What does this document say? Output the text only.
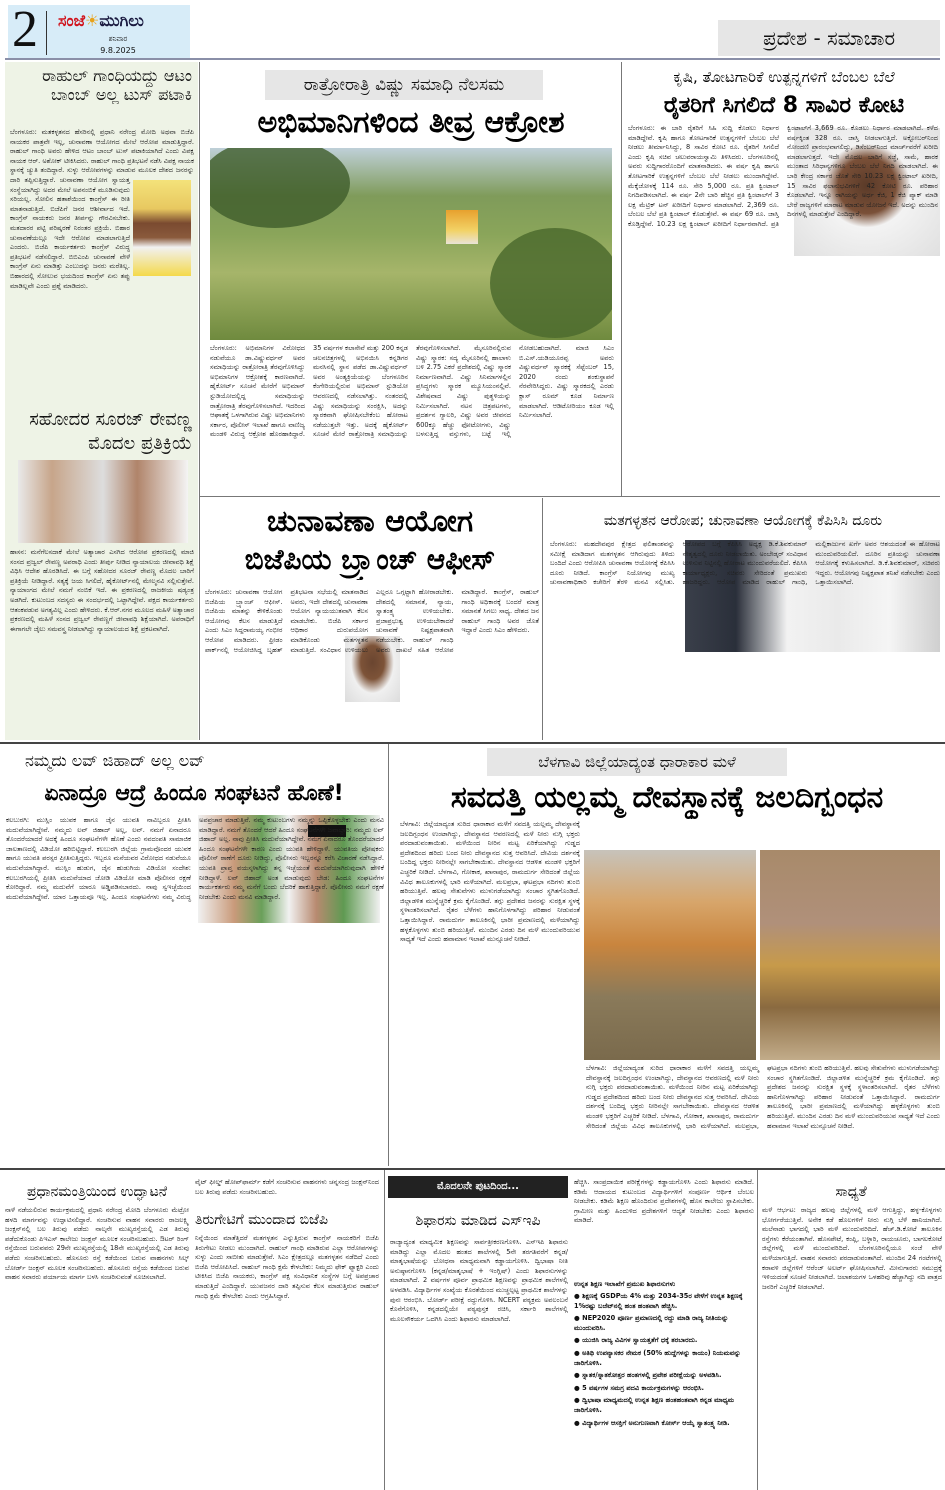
2 ಸಂಜೆ☀ಮುಗಿಲು
ಶನಿವಾರ
9.8.2025
ಪ್ರದೇಶ - ಸಮಾಚಾರ
ರಾಹುಲ್ ಗಾಂಧಿಯದ್ದು ಆಟಂ ಬಾಂಬ್ ಅಲ್ಲ ಟುಸ್ ಪಟಾಕಿ
ಬೆಂಗಳೂರು: ಮತಕಳ್ಳತನದ ಹೆಸರಿನಲ್ಲಿ ಪ್ರಧಾನಿ ನರೇಂದ್ರ ಮೋದಿ ಅಥವಾ ಬಿಜೆಪಿ ನಾಯಕರ ಪಾತ್ರವೇ ಇಲ್ಲ, ಚುನಾವಣಾ ಆಯೋಗದ ಮೇಲೆ ಆರೋಪ ಮಾಡುತ್ತಿದ್ದಾರೆ. ರಾಹುಲ್ ಗಾಂಧಿ ಅವರು ಹೇಳಿದ ಆಟಂ ಬಾಂಬ್ ಟುಸ್ ಪಟಾಕಿಯಾಗಿದೆ ಎಂದು ವಿಪಕ್ಷ ನಾಯಕ ಆರ್. ಅಶೋಕ್ ಟೀಕಿಸಿದರು. ರಾಹುಲ್ ಗಾಂಧಿ ಪ್ರತಿಭಟನೆ ನಡೆಸಿ ವಿಪಕ್ಷ ನಾಯಕ ಸ್ಥಾನಕ್ಕೆ ಚ್ಯುತಿ ತಂದಿದ್ದಾರೆ. ಸುಳ್ಳು ಆರೋಪಗಳನ್ನು ಮಾಡುವ ಮೂಲಕ ದೇಶದ ಜನರನ್ನು ದಾರಿ ತಪ್ಪಿಸುತ್ತಿದ್ದಾರೆ. ಚುನಾವಣಾ ಆಯೋಗ ಸ್ವಾಯತ್ತ ಸಂಸ್ಥೆಯಾಗಿದ್ದು ಅದರ ಮೇಲೆ ಅಪನಂಬಿಕೆ ಮೂಡಿಸುವುದು ಸರಿಯಲ್ಲ. ಸೋಲಿನ ಹತಾಶೆಯಿಂದ ಕಾಂಗ್ರೆಸ್ ಈ ರೀತಿ ಮಾತನಾಡುತ್ತಿದೆ. ಬಿಜೆಪಿಗೆ ಜನರ ಆಶೀರ್ವಾದ ಇದೆ. ಕಾಂಗ್ರೆಸ್ ನಾಯಕರು ಜನರ ತೀರ್ಪನ್ನು ಗೌರವಿಸಬೇಕು. ಮತದಾರರ ಪಟ್ಟಿ ಪರಿಷ್ಕರಣೆ ನಿರಂತರ ಪ್ರಕ್ರಿಯೆ. ಬಿಹಾರ ಚುನಾವಣೆಯಲ್ಲೂ ಇದೇ ಆರೋಪ ಮಾಡಲಾಗುತ್ತಿದೆ ಎಂದರು. ಬಿಜೆಪಿ ಕಾರ್ಯಕರ್ತರು ಕಾಂಗ್ರೆಸ್ ವಿರುದ್ಧ ಪ್ರತಿಭಟನೆ ನಡೆಸಲಿದ್ದಾರೆ. ಬಿಬಿಎಂಪಿ ಚುನಾವಣೆ ವೇಳೆ ಕಾಂಗ್ರೆಸ್ ಏನು ಮಾಡಿತ್ತು ಎಂಬುದನ್ನು ಜನರು ಮರೆತಿಲ್ಲ. ಬಿಹಾರದಲ್ಲಿ ಸೋಲುವ ಭಯದಿಂದ ಕಾಂಗ್ರೆಸ್ ಏನು ತಪ್ಪು ಮಾಡಿಲ್ಲವೇ ಎಂದು ಪ್ರಶ್ನೆ ಮಾಡಿದರು.
ಸಹೋದರ ಸೂರಜ್ ರೇವಣ್ಣ ಮೊದಲ ಪ್ರತಿಕ್ರಿಯೆ
ಹಾಸನ: ಮನೆಗೆಲಸದಾಕೆ ಮೇಲೆ ಅತ್ಯಾಚಾರ ಎಸಗಿದ ಆರೋಪ ಪ್ರಕರಣದಲ್ಲಿ ಮಾಜಿ ಸಂಸದ ಪ್ರಜ್ವಲ್ ರೇವಣ್ಣ ಅಪರಾಧಿ ಎಂದು ತೀರ್ಪು ನೀಡಿದ ನ್ಯಾಯಾಲಯ ಜೀವಾವಧಿ ಶಿಕ್ಷೆ ವಿಧಿಸಿ ಆದೇಶ ಹೊರಡಿಸಿದೆ. ಈ ಬಗ್ಗೆ ಸಹೋದರ ಸೂರಜ್ ರೇವಣ್ಣ ಮೊದಲ ಬಾರಿಗೆ ಪ್ರತಿಕ್ರಿಯೆ ನೀಡಿದ್ದಾರೆ. ಸತ್ಯಕ್ಕೆ ಜಯ ಸಿಗಲಿದೆ, ಹೈಕೋರ್ಟ್‌ನಲ್ಲಿ ಮೇಲ್ಮನವಿ ಸಲ್ಲಿಸುತ್ತೇವೆ. ನ್ಯಾಯಾಂಗದ ಮೇಲೆ ನಮಗೆ ನಂಬಿಕೆ ಇದೆ. ಈ ಪ್ರಕರಣದಲ್ಲಿ ರಾಜಕೀಯ ಷಡ್ಯಂತ್ರ ಅಡಗಿದೆ. ಕುಟುಂಬದ ಸದಸ್ಯರು ಈ ಸಂದರ್ಭದಲ್ಲಿ ಒಟ್ಟಾಗಿದ್ದೇವೆ. ಪಕ್ಷದ ಕಾರ್ಯಕರ್ತರು ಆತಂಕಪಡುವ ಅಗತ್ಯವಿಲ್ಲ ಎಂದು ಹೇಳಿದರು. ಕೆ.ಆರ್.ನಗರ ಮೂಲದ ಮಹಿಳೆ ಅತ್ಯಾಚಾರ ಪ್ರಕರಣದಲ್ಲಿ ಮಹಿಳೆ ಸಂಸದ ಪ್ರಜ್ವಲ್ ರೇವಣ್ಣಗೆ ಜೀವಾವಧಿ ಶಿಕ್ಷೆಯಾಗಿದೆ. ಅಪರಾಧಿಗೆ ಈಗಾಗಲೇ ಜೈಲು ಸಮವಸ್ತ್ರ ನೀಡಲಾಗಿದ್ದು ನ್ಯಾಯಾಲಯದ ಶಿಕ್ಷೆ ಪ್ರಕಟವಾಗಿದೆ.
ರಾತ್ರೋರಾತ್ರಿ ವಿಷ್ಣು ಸಮಾಧಿ ನೆಲಸಮ
ಅಭಿಮಾನಿಗಳಿಂದ ತೀವ್ರ ಆಕ್ರೋಶ
ಬೆಂಗಳೂರು: ಅಭಿಮಾನಿಗಳ ವಿರೋಧದ ನಡುವೆಯೂ ಡಾ.ವಿಷ್ಣುವರ್ಧನ್ ಅವರ ಸಮಾಧಿಯನ್ನು ರಾತ್ರೋರಾತ್ರಿ ತೆರವುಗೊಳಿಸಿದ್ದು ಅಭಿಮಾನಿಗಳ ಆಕ್ರೋಶಕ್ಕೆ ಕಾರಣವಾಗಿದೆ. ಹೈಕೋರ್ಟ್ ಸೂಚನೆ ಮೇರೆಗೆ ಅಭಿಮಾನ್ ಸ್ಟುಡಿಯೋದಲ್ಲಿದ್ದ ಸಮಾಧಿಯನ್ನು ರಾತ್ರೋರಾತ್ರಿ ತೆರವುಗೊಳಿಸಲಾಗಿದೆ. ಇದರಿಂದ ಆಘಾತಕ್ಕೆ ಒಳಗಾಗಿರುವ ವಿಷ್ಣು ಅಭಿಮಾನಿಗಳು ಸರ್ಕಾರ, ಪೊಲೀಸ್ ಇಲಾಖೆ ಹಾಗೂ ವಾಣಿಜ್ಯ ಮಂಡಳಿ ವಿರುದ್ಧ ಆಕ್ರೋಶ ಹೊರಹಾಕಿದ್ದಾರೆ. 35 ವರ್ಷಗಳ ಕಲಾಸೇವೆ ಮತ್ತು 200 ಕನ್ನಡ ಚಲನಚಿತ್ರಗಳಲ್ಲಿ ಅಭಿನಯಿಸಿ ಕನ್ನಡಿಗರ ಮನಸಿನಲ್ಲಿ ಸ್ಥಾನ ಪಡೆದ ಡಾ.ವಿಷ್ಣುವರ್ಧನ್ ಅವರ ಅಂತ್ಯಕ್ರಿಯೆಯನ್ನು ಬೆಂಗಳೂರಿನ ಕೆಂಗೇರಿಯಲ್ಲಿರುವ ಅಭಿಮಾನ್ ಸ್ಟುಡಿಯೋ ಆವರಣದಲ್ಲಿ ನಡೆಸಲಾಗಿತ್ತು. ನಂತರದಲ್ಲಿ ವಿಷ್ಣು ಸಮಾಧಿಯನ್ನು ಸಂರಕ್ಷಿಸಿ, ಅದನ್ನು ಸ್ಮಾರಕವಾಗಿ ಘೋಷಿಸಬೇಕೆಂಬ ಹೋರಾಟ ನಡೆಯುತ್ತಲೇ ಇತ್ತು. ಅದಕ್ಕೆ ಹೈಕೋರ್ಟ್ ಸೂಚನೆ ಮೇರೆ ರಾತ್ರೋರಾತ್ರಿ ಸಮಾಧಿಯನ್ನು ತೆರವುಗೊಳಿಸಲಾಗಿದೆ. ಮೈಸೂರಿನಲ್ಲಿರುವ ವಿಷ್ಣು ಸ್ಮಾರಕ: ಸದ್ಯ ಮೈಸೂರಿನಲ್ಲಿ ಹಾಲಾಳು ಬಳಿ 2.75 ಎಕರೆ ಪ್ರದೇಶದಲ್ಲಿ ವಿಷ್ಣು ಸ್ಮಾರಕ ನಿರ್ಮಾಣವಾಗಿದೆ. ವಿಷ್ಣು ಸಿನಿಮಾಗಳಲ್ಲಿನ ಪ್ರಸಿದ್ಧಗಳು ಸ್ಮಾರಕ ಮ್ಯೂಸಿಯಂನಲ್ಲಿವೆ. ವಿಶೇಷವಾದ ವಿಷ್ಣು ಪುತ್ಥಳಿಯನ್ನು ನಿರ್ಮಿಸಲಾಗಿದೆ. ನಟನ ಚಿತ್ರಪಟಗಳು, ಪ್ರದರ್ಶನ ಗ್ಯಾಲರಿ, ವಿಷ್ಣು ಅವರ ಜೀವನದ 600ಕ್ಕೂ ಹೆಚ್ಚು ಫೋಟೋಗಳು, ವಿಷ್ಣು ಬಳಸುತ್ತಿದ್ದ ವಸ್ತುಗಳು, ಬಟ್ಟೆ ಇಲ್ಲಿ ನೋಡಬಹುದಾಗಿದೆ. ಮಾಜಿ ಸಿಎಂ ಬಿ.ಎಸ್.ಯಡಿಯೂರಪ್ಪ ಅವರು ವಿಷ್ಣುವರ್ಧನ್ ಸ್ಮಾರಕಕ್ಕೆ ಸೆಪ್ಟೆಂಬರ್ 15, 2020 ರಂದು ಶಂಕುಸ್ಥಾಪನೆ ನೆರವೇರಿಸಿದ್ದರು. ವಿಷ್ಣು ಸ್ಮಾರಕದಲ್ಲಿ ಎರಡು ಕ್ಲಾಸ್ ರೂಮ್ ಕೂಡ ನಿರ್ಮಾಣ ಮಾಡಲಾಗಿದೆ. ಆಡಿಟೋರಿಯಂ ಕೂಡ ಇಲ್ಲಿ ನಿರ್ಮಿಸಲಾಗಿದೆ.
ಕೃಷಿ, ತೋಟಗಾರಿಕೆ ಉತ್ಪನ್ನಗಳಿಗೆ ಬೆಂಬಲ ಬೆಲೆ
ರೈತರಿಗೆ ಸಿಗಲಿದೆ 8 ಸಾವಿರ ಕೋಟಿ
ಬೆಂಗಳೂರು: ಈ ಬಾರಿ ರೈತರಿಗೆ ಸಿಹಿ ಸುದ್ದಿ ಕೊಡಲು ನಿರ್ಧಾರ ಮಾಡಿದ್ದೇವೆ. ಕೃಷಿ ಹಾಗೂ ತೋಟಗಾರಿಕೆ ಉತ್ಪನ್ನಗಳಿಗೆ ಬೆಂಬಲ ಬೆಲೆ ನೀಡಲು ತೀರ್ಮಾನಿಸಿದ್ದು, 8 ಸಾವಿರ ಕೋಟಿ ರೂ. ರೈತರಿಗೆ ಸಿಗಲಿದೆ ಎಂದು ಕೃಷಿ ಸಚಿವ ಚಲುವರಾಯಸ್ವಾಮಿ ತಿಳಿಸಿದರು. ಬೆಂಗಳೂರಿನಲ್ಲಿ ಅವರು ಸುದ್ದಿಗಾರರೊಂದಿಗೆ ಮಾತನಾಡಿದರು. ಈ ವರ್ಷ ಕೃಷಿ ಹಾಗೂ ತೋಟಗಾರಿಕೆ ಉತ್ಪನ್ನಗಳಿಗೆ ಬೆಂಬಲ ಬೆಲೆ ನೀಡಲು ಮುಂದಾಗಿದ್ದೇವೆ. ಮೆಕ್ಕೆಜೋಳಕ್ಕೆ 114 ರೂ. ಸೇರಿ 5,000 ರೂ. ಪ್ರತಿ ಕ್ವಿಂಟಾಲ್ ನಿಗದಿಪಡಿಸಲಾಗಿದೆ. ಈ ವರ್ಷ 2ನೇ ಬಾರಿ ಹೆಚ್ಚಿನ ಪ್ರತಿ ಕ್ವಿಂಟಾಲ್‌ಗೆ 3 ಲಕ್ಷ ಮೆಟ್ರಿಕ್ ಟನ್ ಖರೀದಿಗೆ ನಿರ್ಧಾರ ಮಾಡಲಾಗಿದೆ. 2,369 ರೂ. ಬೆಂಬಲ ಬೆಲೆ ಪ್ರತಿ ಕ್ವಿಂಟಾಲ್ ಕೊಡುತ್ತೇವೆ. ಈ ವರ್ಷ 69 ರೂ. ಜಾಸ್ತಿ ಕೊಡ್ತಿದ್ದೇವೆ. 10.23 ಲಕ್ಷ ಕ್ವಿಂಟಾಲ್ ಖರೀದಿಗೆ ನಿರ್ಧಾರವಾಗಿದೆ. ಪ್ರತಿ ಕ್ವಿಂಟಾಲ್‌ಗೆ 3,669 ರೂ. ಕೊಡಲು ನಿರ್ಧಾರ ಮಾಡಲಾಗಿದೆ. ಕಳೆದ ವರ್ಷಕ್ಕಿಂತ 328 ರೂ. ಜಾಸ್ತಿ ನೀಡಲಾಗುತ್ತಿದೆ. ಅಕ್ಟೋಬರ್‌ನಿಂದ ನೋಂದಣಿ ಪ್ರಾರಂಭವಾಗಲಿದ್ದು, ಡಿಸೆಂಬರ್‌ನಿಂದ ಮಾರ್ಚ್‌ವರೆಗೆ ಖರೀದಿ ಮಾಡಲಾಗುತ್ತದೆ. ಇದೇ ಮೊದಲ ಬಾರಿಗೆ ಸಜ್ಜೆ, ಸಾಮೆ, ಹಾರಕ ಮುಂತಾದ ಸಿರಿಧಾನ್ಯಗಳಿಗೂ ಬೆಂಬಲ ಬೆಲೆ ನಿಗದಿ ಮಾಡಲಾಗಿದೆ. ಈ ಬಾರಿ ಕೇಂದ್ರ ಸರ್ಕಾರ ಜೊತೆ ಸೇರಿ 10.23 ಲಕ್ಷ ಕ್ವಿಂಟಾಲ್ ಖರೀದಿ, 15 ಸಾವಿರ ಫಲಾನುಭವಿಗಳಿಗೆ 42 ಕೋಟಿ ರೂ. ಪರಿಹಾರ ಕೊಡಲಾಗಿದೆ. ಇನ್ನೂ ರಾಗಿಯನ್ನು ಅರ್ಧ ಕೆಜಿ, 1 ಕೆಜಿ ಪ್ಯಾಕ್ ಮಾಡಿ ಬೇರೆ ರಾಜ್ಯಗಳಿಗೆ ಮಾರಾಟ ಮಾಡುವ ಯೋಜನೆ ಇದೆ. ಅದನ್ನು ಮುಂದಿನ ದಿನಗಳಲ್ಲಿ ಮಾಡುತ್ತೇವೆ ಎಂದಿದ್ದಾರೆ.
ಚುನಾವಣಾ ಆಯೋಗ
ಬಿಜೆಪಿಯ ಬ್ರ್ಯಾಂಚ್ ಆಫೀಸ್
ಬೆಂಗಳೂರು: ಚುನಾವಣಾ ಆಯೋಗ ಬಿಜೆಪಿಯ ಬ್ರ್ಯಾಂಚ್ ಆಫೀಸ್. ಬಿಜೆಪಿಯ ಮಾತನ್ನು ಕೇಳಿಕೊಂಡು ಆಯೋಗವು ಕೆಲಸ ಮಾಡುತ್ತಿದೆ ಎಂದು ಸಿಎಂ ಸಿದ್ದರಾಮಯ್ಯ ಗಂಭೀರ ಆರೋಪ ಮಾಡಿದರು. ಫ್ರೀಡಂ ಪಾರ್ಕ್‌ನಲ್ಲಿ ಆಯೋಜಿಸಿದ್ದ ಬೃಹತ್ ಪ್ರತಿಭಟನಾ ಸಭೆಯಲ್ಲಿ ಮಾತನಾಡಿದ ಅವರು, ಇದೇ ದೇಶದಲ್ಲಿ ಚುನಾವಣಾ ಆಯೋಗ ನ್ಯಾಯಯುತವಾಗಿ ಕೆಲಸ ಮಾಡಬೇಕು. ಬಿಜೆಪಿ ಸರ್ಕಾರ ಆಧಿಕಾರ ದುರುಪಯೋಗ ಮಾಡಿಕೊಂಡು ಮತಗಳ್ಳತನ ಮಾಡುತ್ತಿದೆ. ಸಂವಿಧಾನ ಉಳಿಯಲು ಎಲ್ಲರೂ ಒಗ್ಗಟ್ಟಾಗಿ ಹೋರಾಡಬೇಕು. ದೇಶದಲ್ಲಿ ಸಮಾನತೆ, ನ್ಯಾಯ, ಸ್ವಾತಂತ್ರ್ಯ ಉಳಿಯಬೇಕು. ಪ್ರಜಾಪ್ರಭುತ್ವ ಉಳಿಯಬೇಕಾದರೆ ಚುನಾವಣೆ ನಿಷ್ಪಕ್ಷಪಾತವಾಗಿ ನಡೆಯಬೇಕು. ರಾಹುಲ್ ಗಾಂಧಿ ಅವರು ದಾಖಲೆ ಸಹಿತ ಆರೋಪ ಮಾಡಿದ್ದಾರೆ. ಕಾಂಗ್ರೆಸ್, ರಾಹುಲ್ ಗಾಂಧಿ ಅಧಿಕಾರಕ್ಕೆ ಬಂದರೆ ಮಾತ್ರ ಸಮಾನತೆ ಸಿಗಲು ಸಾಧ್ಯ. ದೇಶದ ಜನ ರಾಹುಲ್ ಗಾಂಧಿ ಅವರ ಜೊತೆ ಇದ್ದಾರೆ ಎಂದು ಸಿಎಂ ಹೇಳಿದರು.
ಮತಗಳ್ಳತನ ಆರೋಪ; ಚುನಾವಣಾ ಆಯೋಗಕ್ಕೆ ಕೆಪಿಸಿಸಿ ದೂರು
ಬೆಂಗಳೂರು: ಮಹದೇವಪುರ ಕ್ಷೇತ್ರದ ಫಲಿತಾಂಶವನ್ನು ಸಮೀಕ್ಷೆ ಮಾಡಿದಾಗ ಮತಗಳ್ಳತನ ಆಗಿರುವುದು ತಿಳಿದು ಬಂದಿದೆ ಎಂದು ಆರೋಪಿಸಿ ಚುನಾವಣಾ ಆಯೋಗಕ್ಕೆ ಕೆಪಿಸಿಸಿ ದೂರು ನೀಡಿದೆ. ಕಾಂಗ್ರೆಸ್ ನಿಯೋಗವು ಮುಖ್ಯ ಚುನಾವಣಾಧಿಕಾರಿ ಕಚೇರಿಗೆ ತೆರಳಿ ಮನವಿ ಸಲ್ಲಿಸಿತು. ಆರೋಪದ ಬಗ್ಗೆ ಕೆಪಿಸಿಸಿ ಅಧ್ಯಕ್ಷ ಡಿ.ಕೆ.ಶಿವಕುಮಾರ್ ನೇತೃತ್ವದಲ್ಲಿ ದೂರು ನೀಡಲಾಯಿತು. ಅಂಬೇಡ್ಕರ್ ಸಂವಿಧಾನ ಉಳಿಸುವ ನಿಟ್ಟಿನಲ್ಲಿ ಹೋರಾಟ ಮುಂದುವರೆಯಲಿದೆ. ಕೆಪಿಸಿಸಿ ಕಾರ್ಯಾಧ್ಯಕ್ಷರು, ಸಚಿವರು ಸೇರಿದಂತೆ ಪ್ರಮುಖರು ಹಾಜರಿದ್ದರು. ಆರೋಪ ಮಾಡಿದ ರಾಹುಲ್ ಗಾಂಧಿ, ಮಲ್ಲಿಕಾರ್ಜುನ ಖರ್ಗೆ ಅವರ ಆಶಯದಂತೆ ಈ ಹೋರಾಟ ಮುಂದುವರಿಯಲಿದೆ. ದೂರಿನ ಪ್ರತಿಯನ್ನು ಚುನಾವಣಾ ಆಯೋಗಕ್ಕೆ ಕಳುಹಿಸಲಾಗಿದೆ. ಡಿ.ಕೆ.ಶಿವಕುಮಾರ್, ಸಚಿವರು ಇದ್ದರು. ಆಯೋಗವು ನಿಷ್ಪಕ್ಷಪಾತ ತನಿಖೆ ನಡೆಸಬೇಕು ಎಂದು ಒತ್ತಾಯಿಸಲಾಗಿದೆ.
ನಮ್ಮದು ಲವ್ ಜಿಹಾದ್ ಅಲ್ಲ ಲವ್
ಏನಾದ್ರೂ ಆದ್ರೆ ಹಿಂದೂ ಸಂಘಟನೆ ಹೊಣೆ!
ಕಲಬುರಗಿ: ಮುಸ್ಲಿಂ ಯುವಕ ಹಾಗೂ ಜೈನ ಯುವತಿ ನಾವಿಬ್ಬರೂ ಪ್ರೀತಿಸಿ ಮದುವೆಯಾಗಿದ್ದೇವೆ. ನಮ್ಮದು ಲವ್ ಜಿಹಾದ್ ಅಲ್ಲ, ಲವ್. ನಮಗೆ ಏನಾದರೂ ತೊಂದರೆಯಾದರೆ ಅದಕ್ಕೆ ಹಿಂದೂ ಸಂಘಟನೆಗಳೇ ಹೊಣೆ ಎಂದು ನವದಂಪತಿ ಸಾಮಾಜಿಕ ಜಾಲತಾಣದಲ್ಲಿ ವಿಡಿಯೋ ಹರಿಬಿಟ್ಟಿದ್ದಾರೆ. ಕಲಬುರಗಿ ಜಿಲ್ಲೆಯ ಗ್ರಾಮವೊಂದರ ಯುವಕ ಹಾಗೂ ಯುವತಿ ಪರಸ್ಪರ ಪ್ರೀತಿಸುತ್ತಿದ್ದರು. ಇಬ್ಬರೂ ಮನೆಯವರ ವಿರೋಧದ ನಡುವೆಯೂ ಮದುವೆಯಾಗಿದ್ದಾರೆ. ಮುಸ್ಲಿಂ ಹುಡುಗ, ಜೈನ ಹುಡುಗಿಯ ವಿಡಿಯೋ ಸಂದೇಶ: ಕಲಬುರಗಿಯಲ್ಲಿ ಪ್ರೀತಿಸಿ ಮದುವೆಯಾದ ಜೋಡಿ ವಿಡಿಯೋ ಮಾಡಿ ಪೊಲೀಸರ ರಕ್ಷಣೆ ಕೋರಿದ್ದಾರೆ. ನಮ್ಮ ಮದುವೆಗೆ ಯಾರೂ ಅಡ್ಡಿಪಡಿಸಬಾರದು. ನಾವು ಸ್ವಇಚ್ಛೆಯಿಂದ ಮದುವೆಯಾಗಿದ್ದೇವೆ. ಯಾರ ಒತ್ತಾಯವೂ ಇಲ್ಲ. ಹಿಂದೂ ಸಂಘಟನೆಗಳು ನಮ್ಮ ವಿರುದ್ಧ ಅಪಪ್ರಚಾರ ಮಾಡುತ್ತಿವೆ. ನಮ್ಮ ಕುಟುಂಬಗಳು ನಮ್ಮನ್ನು ಒಪ್ಪಿಕೊಳ್ಳಬೇಕು ಎಂದು ಮನವಿ ಮಾಡಿದ್ದಾರೆ. ನಮಗೆ ತೊಂದರೆ ಆದರೆ ಹಿಂದೂ ಸಂಘಟನೆಗಳೇ ಜವಾಬ್ದಾರಿ: ನಮ್ಮದು ಲವ್ ಜಿಹಾದ್ ಅಲ್ಲ. ನಾವು ಪ್ರೀತಿಸಿ ಮದುವೆಯಾಗಿದ್ದೇವೆ. ನಮಗೆ ಏನಾದರೂ ತೊಂದರೆಯಾದರೆ ಹಿಂದೂ ಸಂಘಟನೆಗಳೇ ಕಾರಣ ಎಂದು ಯುವತಿ ಹೇಳಿದ್ದಾಳೆ. ಯುವತಿಯ ಪೋಷಕರು ಪೊಲೀಸ್ ಠಾಣೆಗೆ ದೂರು ನೀಡಿದ್ದು, ಪೊಲೀಸರು ಇಬ್ಬರನ್ನೂ ಕರೆಸಿ ವಿಚಾರಣೆ ನಡೆಸಿದ್ದಾರೆ. ಯುವತಿ ಪ್ರಾಪ್ತ ವಯಸ್ಕಳಾಗಿದ್ದು ತನ್ನ ಇಚ್ಛೆಯಂತೆ ಮದುವೆಯಾಗಿರುವುದಾಗಿ ಹೇಳಿಕೆ ನೀಡಿದ್ದಾಳೆ. ಲವ್ ಜಿಹಾದ್ ಅಂತ ಮಾಡುವುದು ಬೇಡ: ಹಿಂದೂ ಸಂಘಟನೆಗಳ ಕಾರ್ಯಕರ್ತರು ನಮ್ಮ ಮನೆಗೆ ಬಂದು ಬೆದರಿಕೆ ಹಾಕುತ್ತಿದ್ದಾರೆ. ಪೊಲೀಸರು ನಮಗೆ ರಕ್ಷಣೆ ನೀಡಬೇಕು ಎಂದು ಮನವಿ ಮಾಡಿದ್ದಾರೆ.
ಬೆಳಗಾವಿ ಜಿಲ್ಲೆಯಾದ್ಯಂತ ಧಾರಾಕಾರ ಮಳೆ
ಸವದತ್ತಿ ಯಲ್ಲಮ್ಮ ದೇವಸ್ಥಾನಕ್ಕೆ ಜಲದಿಗ್ಬಂಧನ
ಬೆಳಗಾವಿ: ಜಿಲ್ಲೆಯಾದ್ಯಂತ ಸುರಿದ ಧಾರಾಕಾರ ಮಳೆಗೆ ಸವದತ್ತಿ ಯಲ್ಲಮ್ಮ ದೇವಸ್ಥಾನಕ್ಕೆ ಜಲದಿಗ್ಬಂಧನ ಉಂಟಾಗಿದ್ದು, ದೇವಸ್ಥಾನದ ಆವರಣದಲ್ಲಿ ಮಳೆ ನೀರು ನುಗ್ಗಿ ಭಕ್ತರು ಪರದಾಡುವಂತಾಯಿತು. ಮಳೆಯಿಂದ ನೀರಿನ ಮಟ್ಟ ಏರಿಕೆಯಾಗಿದ್ದು ಗುಡ್ಡದ ಪ್ರದೇಶದಿಂದ ಹರಿದು ಬಂದ ನೀರು ದೇವಸ್ಥಾನದ ಸುತ್ತ ಆವರಿಸಿದೆ. ದೇವಿಯ ದರ್ಶನಕ್ಕೆ ಬಂದಿದ್ದ ಭಕ್ತರು ನೀರಿನಲ್ಲೇ ಸಾಗಬೇಕಾಯಿತು. ದೇವಸ್ಥಾನದ ಆಡಳಿತ ಮಂಡಳಿ ಭಕ್ತರಿಗೆ ಎಚ್ಚರಿಕೆ ನೀಡಿದೆ. ಬೆಳಗಾವಿ, ಗೋಕಾಕ, ಖಾನಾಪುರ, ರಾಮದುರ್ಗ ಸೇರಿದಂತೆ ಜಿಲ್ಲೆಯ ವಿವಿಧ ತಾಲೂಕುಗಳಲ್ಲಿ ಭಾರಿ ಮಳೆಯಾಗಿದೆ. ಮಲಪ್ರಭಾ, ಘಟಪ್ರಭಾ ನದಿಗಳು ತುಂಬಿ ಹರಿಯುತ್ತಿವೆ. ಹಲವು ಸೇತುವೆಗಳು ಮುಳುಗಡೆಯಾಗಿದ್ದು ಸಂಚಾರ ಸ್ಥಗಿತಗೊಂಡಿದೆ. ಜಿಲ್ಲಾಡಳಿತ ಮುನ್ನೆಚ್ಚರಿಕೆ ಕ್ರಮ ಕೈಗೊಂಡಿದೆ. ತಗ್ಗು ಪ್ರದೇಶದ ಜನರನ್ನು ಸುರಕ್ಷಿತ ಸ್ಥಳಕ್ಕೆ ಸ್ಥಳಾಂತರಿಸಲಾಗಿದೆ. ರೈತರ ಬೆಳೆಗಳು ಹಾನಿಗೊಳಗಾಗಿದ್ದು ಪರಿಹಾರ ನೀಡುವಂತೆ ಒತ್ತಾಯಿಸಿದ್ದಾರೆ. ರಾಮದುರ್ಗ ತಾಲೂಕಿನಲ್ಲಿ ಭಾರೀ ಪ್ರಮಾಣದಲ್ಲಿ ಮಳೆಯಾಗಿದ್ದು ಹಳ್ಳಕೊಳ್ಳಗಳು ತುಂಬಿ ಹರಿಯುತ್ತಿವೆ. ಮುಂದಿನ ಎರಡು ದಿನ ಮಳೆ ಮುಂದುವರಿಯುವ ಸಾಧ್ಯತೆ ಇದೆ ಎಂದು ಹವಾಮಾನ ಇಲಾಖೆ ಮುನ್ಸೂಚನೆ ನೀಡಿದೆ.
ಬೆಳಗಾವಿ: ಜಿಲ್ಲೆಯಾದ್ಯಂತ ಸುರಿದ ಧಾರಾಕಾರ ಮಳೆಗೆ ಸವದತ್ತಿ ಯಲ್ಲಮ್ಮ ದೇವಸ್ಥಾನಕ್ಕೆ ಜಲದಿಗ್ಬಂಧನ ಉಂಟಾಗಿದ್ದು, ದೇವಸ್ಥಾನದ ಆವರಣದಲ್ಲಿ ಮಳೆ ನೀರು ನುಗ್ಗಿ ಭಕ್ತರು ಪರದಾಡುವಂತಾಯಿತು. ಮಳೆಯಿಂದ ನೀರಿನ ಮಟ್ಟ ಏರಿಕೆಯಾಗಿದ್ದು ಗುಡ್ಡದ ಪ್ರದೇಶದಿಂದ ಹರಿದು ಬಂದ ನೀರು ದೇವಸ್ಥಾನದ ಸುತ್ತ ಆವರಿಸಿದೆ. ದೇವಿಯ ದರ್ಶನಕ್ಕೆ ಬಂದಿದ್ದ ಭಕ್ತರು ನೀರಿನಲ್ಲೇ ಸಾಗಬೇಕಾಯಿತು. ದೇವಸ್ಥಾನದ ಆಡಳಿತ ಮಂಡಳಿ ಭಕ್ತರಿಗೆ ಎಚ್ಚರಿಕೆ ನೀಡಿದೆ. ಬೆಳಗಾವಿ, ಗೋಕಾಕ, ಖಾನಾಪುರ, ರಾಮದುರ್ಗ ಸೇರಿದಂತೆ ಜಿಲ್ಲೆಯ ವಿವಿಧ ತಾಲೂಕುಗಳಲ್ಲಿ ಭಾರಿ ಮಳೆಯಾಗಿದೆ. ಮಲಪ್ರಭಾ, ಘಟಪ್ರಭಾ ನದಿಗಳು ತುಂಬಿ ಹರಿಯುತ್ತಿವೆ. ಹಲವು ಸೇತುವೆಗಳು ಮುಳುಗಡೆಯಾಗಿದ್ದು ಸಂಚಾರ ಸ್ಥಗಿತಗೊಂಡಿದೆ. ಜಿಲ್ಲಾಡಳಿತ ಮುನ್ನೆಚ್ಚರಿಕೆ ಕ್ರಮ ಕೈಗೊಂಡಿದೆ. ತಗ್ಗು ಪ್ರದೇಶದ ಜನರನ್ನು ಸುರಕ್ಷಿತ ಸ್ಥಳಕ್ಕೆ ಸ್ಥಳಾಂತರಿಸಲಾಗಿದೆ. ರೈತರ ಬೆಳೆಗಳು ಹಾನಿಗೊಳಗಾಗಿದ್ದು ಪರಿಹಾರ ನೀಡುವಂತೆ ಒತ್ತಾಯಿಸಿದ್ದಾರೆ. ರಾಮದುರ್ಗ ತಾಲೂಕಿನಲ್ಲಿ ಭಾರೀ ಪ್ರಮಾಣದಲ್ಲಿ ಮಳೆಯಾಗಿದ್ದು ಹಳ್ಳಕೊಳ್ಳಗಳು ತುಂಬಿ ಹರಿಯುತ್ತಿವೆ. ಮುಂದಿನ ಎರಡು ದಿನ ಮಳೆ ಮುಂದುವರಿಯುವ ಸಾಧ್ಯತೆ ಇದೆ ಎಂದು ಹವಾಮಾನ ಇಲಾಖೆ ಮುನ್ಸೂಚನೆ ನೀಡಿದೆ.
ಪ್ರಧಾನಮಂತ್ರಿಯಿಂದ ಉದ್ಘಾಟನೆ
ನಾಳೆ ನಡೆಯಲಿರುವ ಕಾರ್ಯಕ್ರಮದಲ್ಲಿ ಪ್ರಧಾನಿ ನರೇಂದ್ರ ಮೋದಿ ಬೆಂಗಳೂರು ಮೆಟ್ರೋ ಹಳದಿ ಮಾರ್ಗವನ್ನು ಉದ್ಘಾಟಿಸಲಿದ್ದಾರೆ. ಸಂಚರಿಸುವ ವಾಹನ ಸವಾರರು ರಾಜಲಕ್ಷ್ಮಿ ಜಂಕ್ಷನ್‌ನಲ್ಲಿ ಬಲ ತಿರುವು ಪಡೆದು ನಾಲ್ಕನೇ ಮುಖ್ಯರಸ್ತೆಯಲ್ಲಿ ಎಡ ತಿರುವು ಪಡೆದುಕೊಂಡು ಪಿಇಎಸ್ ಕಾಲೇಜು ಜಂಕ್ಷನ್ ಮೂಲಕ ಸಂಚರಿಸಬಹುದು. ಔಟರ್ ರಿಂಗ್ ರಸ್ತೆಯಿಂದ ಬರುವವರು 29ನೇ ಮುಖ್ಯರಸ್ತೆಯಲ್ಲಿ 18ನೇ ಮುಖ್ಯರಸ್ತೆಯಲ್ಲಿ ಎಡ ತಿರುವು ಪಡೆದು ಸಂಚರಿಸಬಹುದು. ಹೊಸೂರು ರಸ್ತೆ ಕಡೆಯಿಂದ ಬರುವ ವಾಹನಗಳು ಸಿಲ್ಕ್ ಬೋರ್ಡ್ ಜಂಕ್ಷನ್ ಮೂಲಕ ಸಂಚರಿಸಬಹುದು. ಹೊಸೂರು ರಸ್ತೆಯ ಕಡೆಯಿಂದ ಬರುವ ವಾಹನ ಸವಾರರು ಪರ್ಯಾಯ ಮಾರ್ಗ ಬಳಸಿ ಸಂಚರಿಸುವಂತೆ ಸೂಚಿಸಲಾಗಿದೆ.
ವೈಟ್ ಫೀಲ್ಡ್ ಹೋಪ್‌ಫಾರ್ಮ್ ಕಡೆಗೆ ಸಂಚರಿಸುವ ವಾಹನಗಳು ಚನ್ನಸಂದ್ರ ಜಂಕ್ಷನ್‌ನಿಂದ ಬಲ ತಿರುವು ಪಡೆದು ಸಂಚರಿಸಬಹುದು.
ತಿರುಗೇಟಿಗೆ ಮುಂದಾದ ಬಿಜೆಪಿ
ನಿನ್ನೆಯಿಂದ ಮಾತೆತ್ತಿದರೆ ಮತಗಳ್ಳತನ ಎನ್ನುತ್ತಿರುವ ಕಾಂಗ್ರೆಸ್ ನಾಯಕರಿಗೆ ಬಿಜೆಪಿ ತಿರುಗೇಟು ನೀಡಲು ಮುಂದಾಗಿದೆ. ರಾಹುಲ್ ಗಾಂಧಿ ಮಾಡಿರುವ ಎಲ್ಲಾ ಆರೋಪಗಳನ್ನು ಸುಳ್ಳು ಎಂದು ಸಾಬೀತು ಮಾಡುತ್ತೇವೆ. ಸಿಎಂ ಕ್ಷೇತ್ರದಲ್ಲೂ ಮತಗಳ್ಳತನ ನಡೆದಿದೆ ಎಂದು ಬಿಜೆಪಿ ಆರೋಪಿಸಿದೆ. ರಾಹುಲ್ ಗಾಂಧಿ ಕ್ಷಮೆ ಕೇಳಬೇಕು: ನಿಮ್ಮದು ಫೇಕ್ ಫ್ಯಾಕ್ಟರಿ ಎಂದು ಟೀಕಿಸಿದ ಬಿಜೆಪಿ ನಾಯಕರು, ಕಾಂಗ್ರೆಸ್ ಪಕ್ಷ ಸಂವಿಧಾನಿಕ ಸಂಸ್ಥೆಗಳ ಬಗ್ಗೆ ಅಪಪ್ರಚಾರ ಮಾಡುತ್ತಿದೆ ಎಂದಿದ್ದಾರೆ. ಯುವಜನರ ದಾರಿ ತಪ್ಪಿಸುವ ಕೆಲಸ ಮಾಡುತ್ತಿರುವ ರಾಹುಲ್ ಗಾಂಧಿ ಕ್ಷಮೆ ಕೇಳಬೇಕು ಎಂದು ಆಗ್ರಹಿಸಿದ್ದಾರೆ.
ಮೊದಲನೇ ಪುಟದಿಂದ...
ಶಿಫಾರಸು ಮಾಡಿದ ಎಸ್‌ಇಪಿ
ರಾಜ್ಯಾದ್ಯಂತ ಮಾಧ್ಯಮಿಕ ಶಿಕ್ಷಣವನ್ನು ಸಾರ್ವತ್ರೀಕರಣಗೊಳಿಸಿ. ಎಸ್‌ಇಪಿ ಶಿಫಾರಸು ಮಾಡಿದ್ದು ಎಲ್ಲಾ ಮೊದಲ ಹಂತದ ಶಾಲೆಗಳಲ್ಲಿ 5ನೇ ತರಗತಿವರೆಗೆ ಕನ್ನಡ/ಮಾತೃಭಾಷೆಯನ್ನು ಬೋಧನಾ ಮಾಧ್ಯಮವಾಗಿ ಕಡ್ಡಾಯಗೊಳಿಸಿ. ದ್ವಿಭಾಷಾ ನೀತಿ ಅನುಷ್ಠಾನಗೊಳಿಸಿ (ಕನ್ನಡ/ಮಾತೃಭಾಷೆ + ಇಂಗ್ಲಿಷ್) ಎಂದು ಶಿಫಾರಸುಗಳನ್ನು ಮಾಡಲಾಗಿದೆ. 2 ವರ್ಷಗಳ ಪೂರ್ವ ಪ್ರಾಥಮಿಕ ಶಿಕ್ಷಣವನ್ನು ಪ್ರಾಥಮಿಕ ಶಾಲೆಗಳಲ್ಲಿ ಅಳವಡಿಸಿ. ವಿದ್ಯಾರ್ಥಿಗಳ ಸಂಖ್ಯೆಯ ಕೊರತೆಯಿಂದ ಮುಚ್ಚಲ್ಪಟ್ಟ ಪ್ರಾಥಮಿಕ ಶಾಲೆಗಳನ್ನು ಪುನಃ ಆರಂಭಿಸಿ. ಬೋರ್ಡ್ ಪರೀಕ್ಷೆ ರದ್ದುಗೊಳಿಸಿ. NCERT ಪಠ್ಯಕ್ರಮ ಅವಲಂಬನೆ ಕೊನೆಗೊಳಿಸಿ, ಕನ್ನಡದಲ್ಲಿಯೇ ಪಠ್ಯಪುಸ್ತಕ ರಚಿಸಿ, ಸರ್ಕಾರಿ ಶಾಲೆಗಳಲ್ಲಿ ಮೂಲಸೌಕರ್ಯ ಒದಗಿಸಿ ಎಂದು ಶಿಫಾರಸು ಮಾಡಲಾಗಿದೆ.
ಹೆಚ್ಚಿಸಿ. ಸಾಂಪ್ರದಾಯಿಕ ಪರೀಕ್ಷೆಗಳನ್ನು ಕಡ್ಡಾಯಗೊಳಿಸಿ ಎಂದು ಶಿಫಾರಸು ಮಾಡಿದೆ. ಕಡಿಮೆ ಆದಾಯದ ಕುಟುಂಬದ ವಿದ್ಯಾರ್ಥಿಗಳಿಗೆ ಸಂಪೂರ್ಣ ಆರ್ಥಿಕ ಬೆಂಬಲ ನೀಡಬೇಕು. ಕಡಿಮೆ ಶಿಕ್ಷಣ ಹೊಂದಿರುವ ಪ್ರದೇಶಗಳಲ್ಲಿ ಹೊಸ ಕಾಲೇಜು ಸ್ಥಾಪಿಸಬೇಕು. ಗ್ರಾಮೀಣ ಮತ್ತು ಹಿಂದುಳಿದ ಪ್ರದೇಶಗಳಿಗೆ ಆದ್ಯತೆ ನೀಡಬೇಕು ಎಂದು ಶಿಫಾರಸು ಮಾಡಿದೆ.
ಉನ್ನತ ಶಿಕ್ಷಣ ಇಲಾಖೆಗೆ ಪ್ರಮುಖ ಶಿಫಾರಸುಗಳು
● ಶಿಕ್ಷಣಕ್ಕೆ GSDPಯ 4% ಮತ್ತು 2034-35ರ ವೇಳೆಗೆ ಉನ್ನತ ಶಿಕ್ಷಣಕ್ಕೆ 1%ರಷ್ಟು ಬಜೆಟ್‌ನಲ್ಲಿ ಹಂತ ಹಂತವಾಗಿ ಹೆಚ್ಚಿಸಿ.
● NEP2020 ಪೂರ್ಣ ಪ್ರಮಾಣದಲ್ಲಿ ರದ್ದು ಮಾಡಿ ರಾಜ್ಯ ನೀತಿಯನ್ನು ಮುಂದುವರಿಸಿ.
● ಯುಜಿಸಿ ರಾಜ್ಯ ವಿವಿಗಳ ಸ್ವಾಯತ್ತತೆಗೆ ಧಕ್ಕೆ ತರಬಾರದು.
● ಅತಿಥಿ ಉಪನ್ಯಾಸಕರ ನೇಮಕ (50% ಹುದ್ದೆಗಳನ್ನು ಕಾಯಂ) ನಿಯಮವನ್ನು ಜಾರಿಗೊಳಿಸಿ.
● ಸ್ನಾತಕ/ಸ್ನಾತಕೋತ್ತರ ಹಂತಗಳಲ್ಲಿ ಪ್ರವೇಶ ಪರೀಕ್ಷೆಯನ್ನು ಅಳವಡಿಸಿ.
● 5 ವರ್ಷಗಳ ಸಮಗ್ರ ಪದವಿ ಕಾರ್ಯಕ್ರಮಗಳನ್ನು ಆರಂಭಿಸಿ.
● ದ್ವಿಭಾಷಾ ಮಾಧ್ಯಮದಲ್ಲಿ ಉನ್ನತ ಶಿಕ್ಷಣ ಹಂತಹಂತವಾಗಿ ಕನ್ನಡ ಮಾಧ್ಯಮ ಜಾರಿಗೊಳಿಸಿ.
● ವಿದ್ಯಾರ್ಥಿಗಳ ಆಸಕ್ತಿಗೆ ಅನುಗುಣವಾಗಿ ಕೋರ್ಸ್ ಆಯ್ಕೆ ಸ್ವಾತಂತ್ರ್ಯ ನೀಡಿ.
ಸಾಧ್ಯತೆ
ಮಳೆ ಆರ್ಭಟ: ರಾಜ್ಯದ ಹಲವು ಜಿಲ್ಲೆಗಳಲ್ಲಿ ಮಳೆ ಆಗುತ್ತಿದ್ದು, ಹಳ್ಳ-ಕೊಳ್ಳಗಳು ಭೋರ್ಗರೆಯುತ್ತಿವೆ. ಅನೇಕ ಕಡೆ ಹೊಲಗಳಿಗೆ ನೀರು ನುಗ್ಗಿ ಬೆಳೆ ಹಾನಿಯಾಗಿದೆ. ಮಲೆನಾಡು ಭಾಗದಲ್ಲಿ ಭಾರಿ ಮಳೆ ಮುಂದುವರಿದಿದೆ. ಹೆಚ್.ಡಿ.ಕೋಟೆ ತಾಲೂಕಿನ ರಸ್ತೆಗಳು ಕೆರೆಯಂತಾಗಿವೆ. ಹೊಸಪೇಟೆ, ಕಂಪ್ಲಿ, ಬಳ್ಳಾರಿ, ರಾಯಚೂರು, ಬಾಗಲಕೋಟೆ ಜಿಲ್ಲೆಗಳಲ್ಲಿ ಮಳೆ ಮುಂದುವರಿದಿದೆ. ಬೆಂಗಳೂರಿನಲ್ಲಿಯೂ ಸಂಜೆ ವೇಳೆ ಮಳೆಯಾಗುತ್ತಿದೆ. ವಾಹನ ಸವಾರರು ಪರದಾಡುವಂತಾಗಿದೆ. ಮುಂದಿನ 24 ಗಂಟೆಗಳಲ್ಲಿ ಕರಾವಳಿ ಜಿಲ್ಲೆಗಳಿಗೆ ಆರೆಂಜ್ ಅಲರ್ಟ್ ಘೋಷಿಸಲಾಗಿದೆ. ಮೀನುಗಾರರು ಸಮುದ್ರಕ್ಕೆ ಇಳಿಯದಂತೆ ಸೂಚನೆ ನೀಡಲಾಗಿದೆ. ಜಲಾಶಯಗಳ ಒಳಹರಿವು ಹೆಚ್ಚಾಗಿದ್ದು ನದಿ ಪಾತ್ರದ ಜನರಿಗೆ ಎಚ್ಚರಿಕೆ ನೀಡಲಾಗಿದೆ.
